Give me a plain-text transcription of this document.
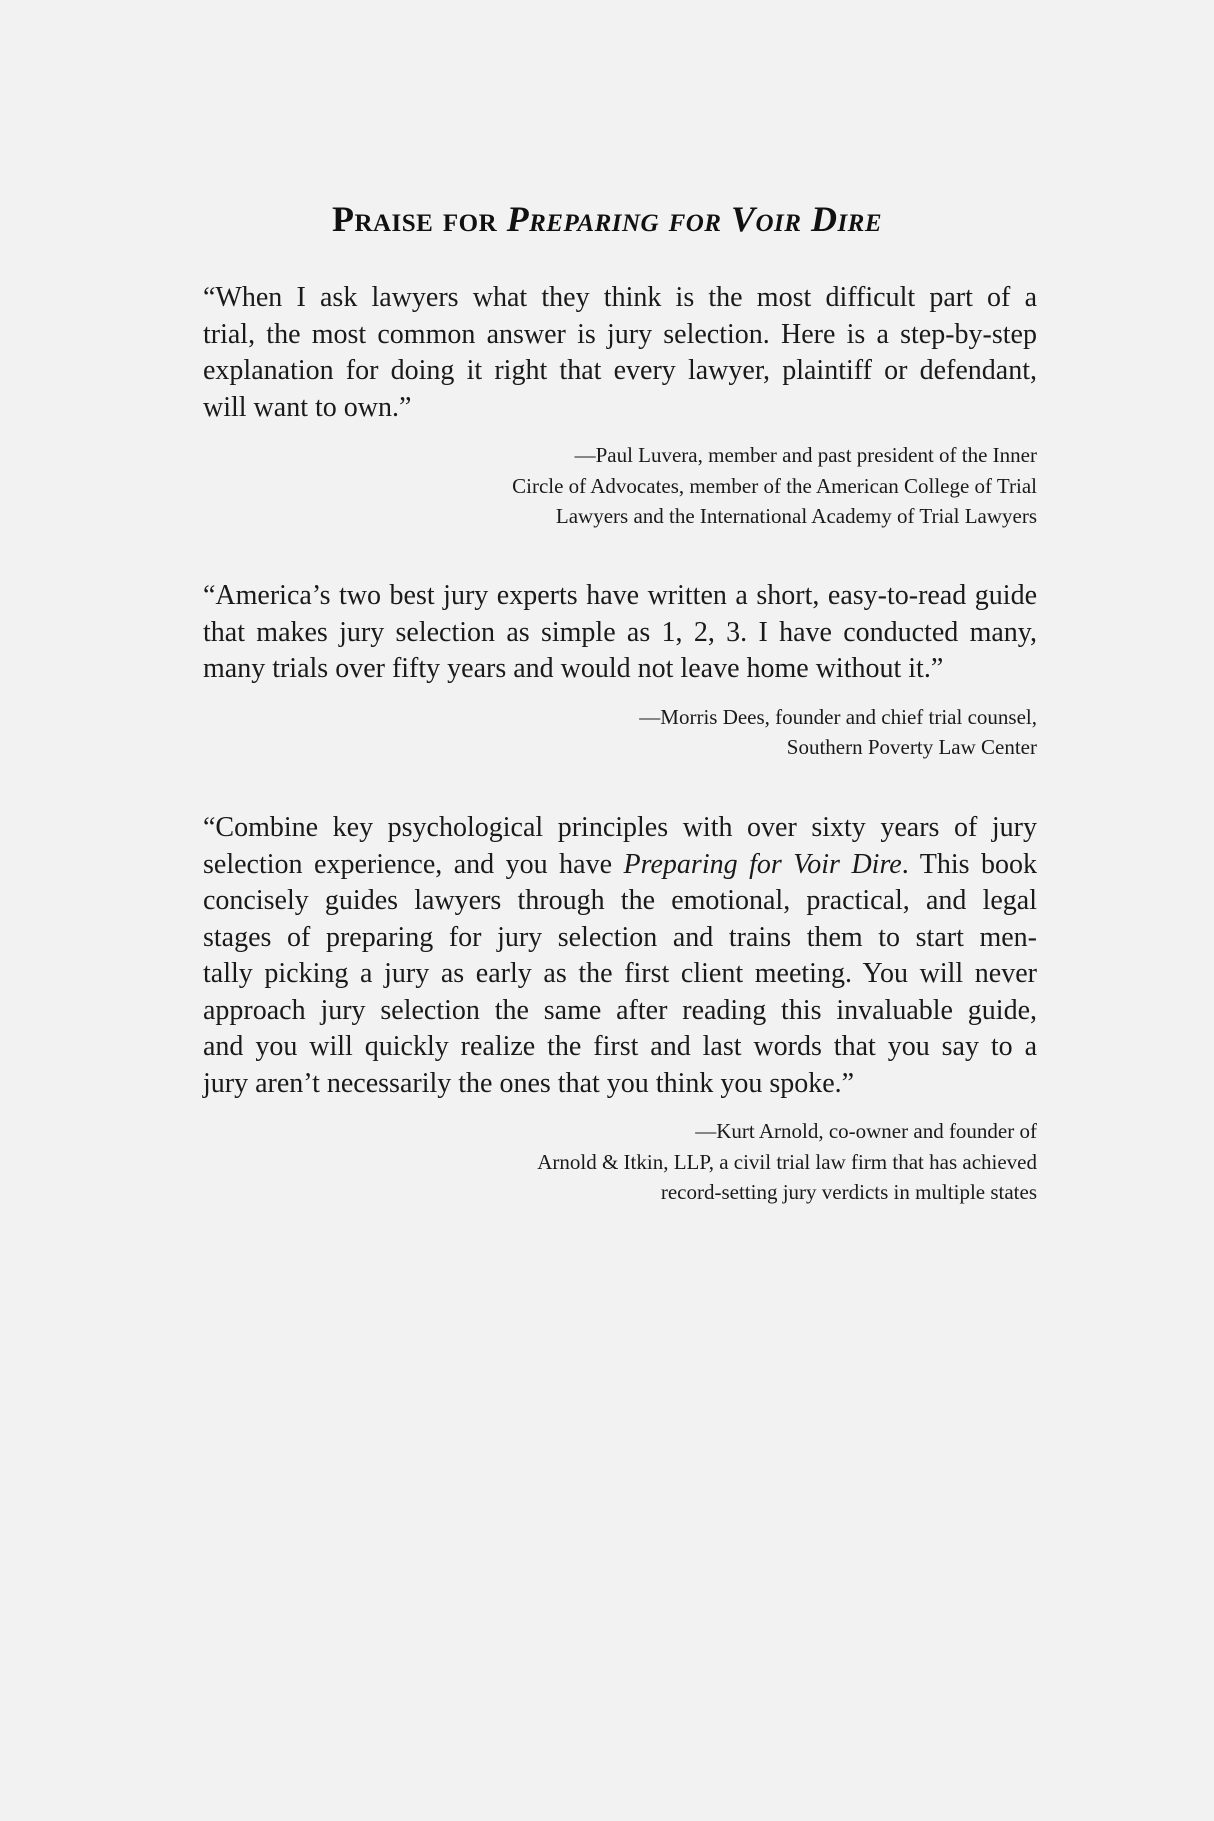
Praise for Preparing for Voir Dire

“When I ask lawyers what they think is the most difficult part of a
trial, the most common answer is jury selection. Here is a step-by-step
explanation for doing it right that every lawyer, plaintiff or defendant,
will want to own.”

—Paul Luvera, member and past president of the Inner
Circle of Advocates, member of the American College of Trial
Lawyers and the International Academy of Trial Lawyers

“America’s two best jury experts have written a short, easy-to-read guide
that makes jury selection as simple as 1, 2, 3. I have conducted many,
many trials over fifty years and would not leave home without it.”

—Morris Dees, founder and chief trial counsel,
Southern Poverty Law Center

“Combine key psychological principles with over sixty years of jury
selection experience, and you have Preparing for Voir Dire. This book
concisely guides lawyers through the emotional, practical, and legal
stages of preparing for jury selection and trains them to start men-
tally picking a jury as early as the first client meeting. You will never
approach jury selection the same after reading this invaluable guide,
and you will quickly realize the first and last words that you say to a
jury aren’t necessarily the ones that you think you spoke.”

—Kurt Arnold, co-owner and founder of
Arnold & Itkin, LLP, a civil trial law firm that has achieved
record-setting jury verdicts in multiple states
